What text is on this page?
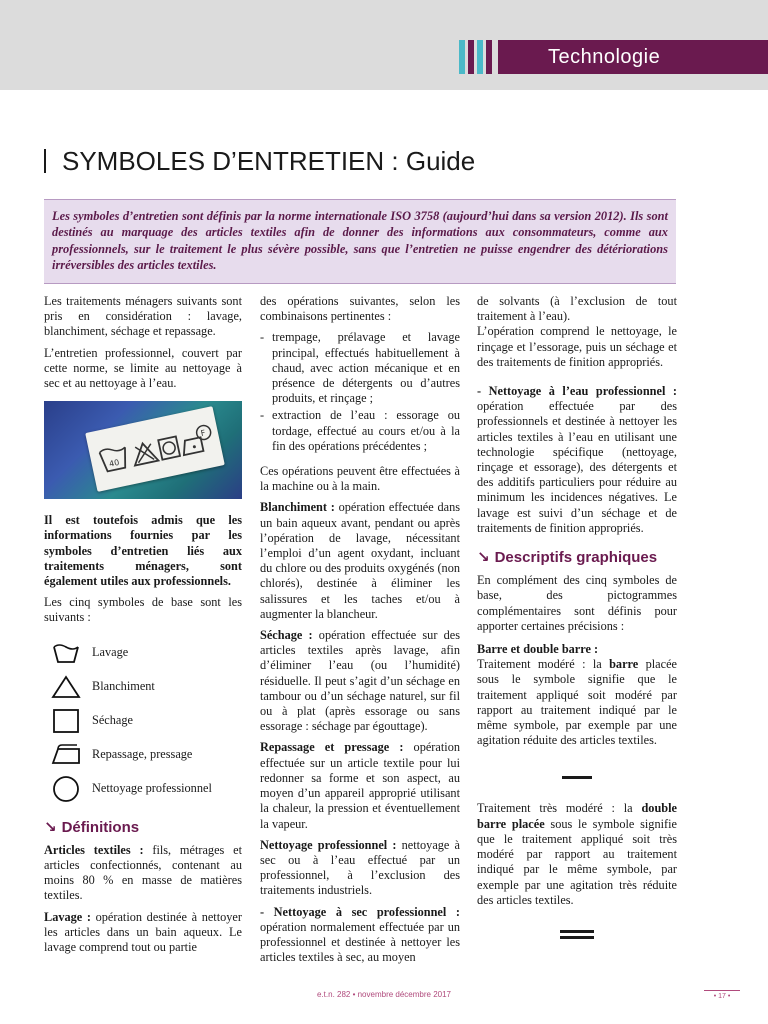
Technologie
SYMBOLES D’ENTRETIEN : Guide
Les symboles d’entretien sont définis par la norme internationale ISO 3758 (aujourd’hui dans sa version 2012). Ils sont destinés au marquage des articles textiles afin de donner des informations aux consommateurs, comme aux professionnels, sur le traitement le plus sévère possible, sans que l’entretien ne puisse engendrer des détériorations irréversibles des articles textiles.

Les traitements ménagers suivants sont pris en considération : lavage, blanchiment, séchage et repassage.

L’entretien professionnel, couvert par cette norme, se limite au nettoyage à sec et au nettoyage à l’eau.

40
F

Il est toutefois admis que les informations fournies par les symboles d’entretien liés aux traitements ménagers, sont également utiles aux professionnels.

Les cinq symboles de base sont les suivants :

Lavage
Blanchiment
Séchage
Repassage, pressage
Nettoyage professionnel
↘ Définitions

Articles textiles : fils, métrages et articles confectionnés, contenant au moins 80 % en masse de matières textiles.

Lavage : opération destinée à nettoyer les articles dans un bain aqueux. Le lavage comprend tout ou partie

des opérations suivantes, selon les combinaisons pertinentes :

- trempage, prélavage et lavage principal, effectués habituellement à chaud, avec action mécanique et en présence de détergents ou d’autres produits, et rinçage ;
- extraction de l’eau : essorage ou tordage, effectué au cours et/ou à la fin des opérations précédentes ;

Ces opérations peuvent être effectuées à la machine ou à la main.

Blanchiment : opération effectuée dans un bain aqueux avant, pendant ou après l’opération de lavage, nécessitant l’emploi d’un agent oxydant, incluant du chlore ou des produits oxygénés (non chlorés), destinée à éliminer les salissures et les taches et/ou à augmenter la blancheur.

Séchage : opération effectuée sur des articles textiles après lavage, afin d’éliminer l’eau (ou l’humidité) résiduelle. Il peut s’agit d’un séchage en tambour ou d’un séchage naturel, sur fil ou à plat (après essorage ou sans essorage : séchage par égouttage).

Repassage et pressage : opération effectuée sur un article textile pour lui redonner sa forme et son aspect, au moyen d’un appareil approprié utilisant la chaleur, la pression et éventuellement la vapeur.

Nettoyage professionnel : nettoyage à sec ou à l’eau effectué par un professionnel, à l’exclusion des traitements industriels.

- Nettoyage à sec professionnel : opération normalement effectuée par un professionnel et destinée à nettoyer les articles textiles à sec, au moyen

de solvants (à l’exclusion de tout traitement à l’eau).

L’opération comprend le nettoyage, le rinçage et l’essorage, puis un séchage et des traitements de finition appropriés.

- Nettoyage à l’eau professionnel : opération effectuée par des professionnels et destinée à nettoyer les articles textiles à l’eau en utilisant une technologie spécifique (nettoyage, rinçage et essorage), des détergents et des additifs particuliers pour réduire au minimum les incidences négatives. Le lavage est suivi d’un séchage et de traitements de finition appropriés.

↘ Descriptifs graphiques

En complément des cinq symboles de base, des pictogrammes complémentaires sont définis pour apporter certaines précisions :

Barre et double barre :

Traitement modéré : la barre placée sous le symbole signifie que le traitement appliqué soit modéré par rapport au traitement indiqué par le même symbole, par exemple par une agitation réduite des articles textiles.

Traitement très modéré : la double barre placée sous le symbole signifie que le traitement appliqué soit très modéré par rapport au traitement indiqué par le même symbole, par exemple par une agitation très réduite des articles textiles.

e.t.n. 282 • novembre décembre 2017	• 17 •
